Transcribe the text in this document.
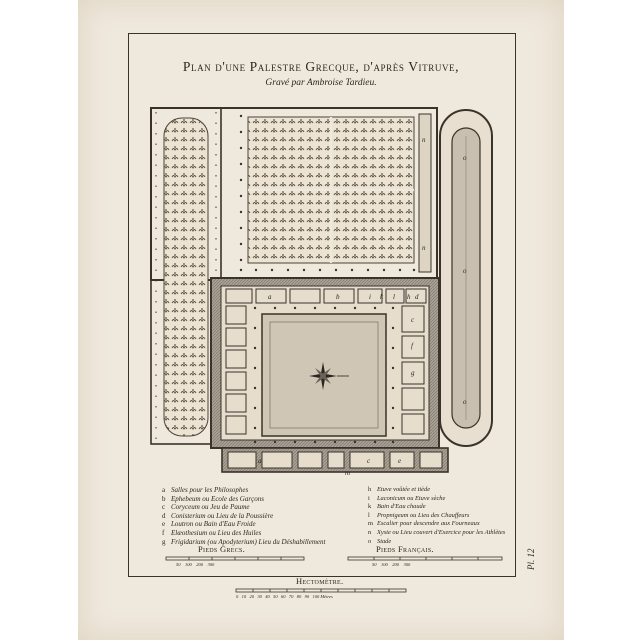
Plan d'une Palestre Grecque, d'après Vitruve,
Gravé par Ambroise Tardieu.
a	b	i k l h d
c
f
g
a	c	e
m
n
n
o
o
o
a Salles pour les Philosophes
b Ephebeum ou Ecole des Garçons
c Coryceum ou Jeu de Paume
d Conisterium ou Lieu de la Poussière
e Loutron ou Bain d'Eau Froide
f Elæothesium ou Lieu des Huiles
g Frigidarium (ou Apodyterium) Lieu du Déshabillement
h Etuve voûtée et tiède
i Laconicum ou Etuve sèche
k Bain d'Eau chaude
l Propnigeum ou Lieu des Chauffeurs
m Escalier pour descendre aux Fourneaux
n Xyste ou Lieu couvert d'Exercice pour les Athlètes
o Stade
Pieds Grecs.
50    100    200    300
Pieds Français.
50    100    200    300
Hectomètre.
0   10   20   30   40   50   60   70   80   90   100 Mètres
Pl. 12
